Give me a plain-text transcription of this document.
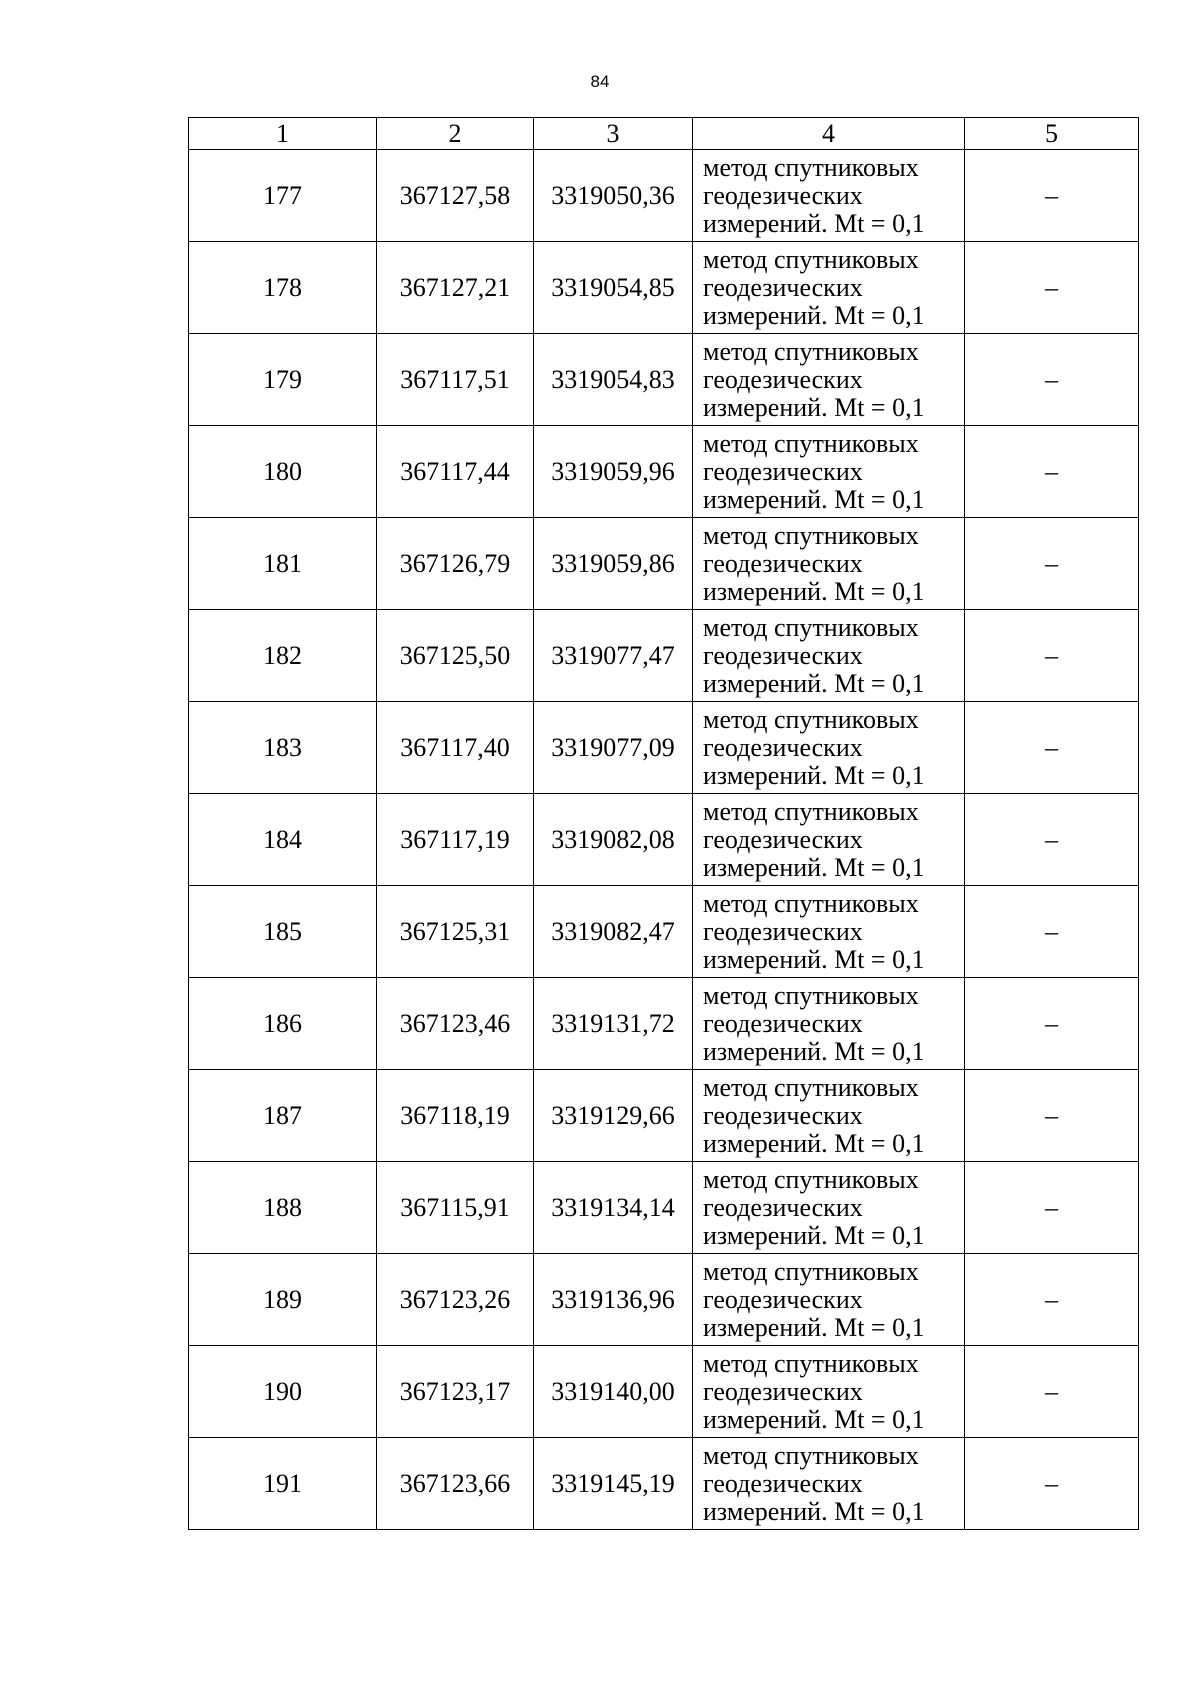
84
1	2	3	4	5
177	367127,58	3319050,36	метод спутниковых
геодезических
измерений. Mt = 0,1	–
178	367127,21	3319054,85	метод спутниковых
геодезических
измерений. Mt = 0,1	–
179	367117,51	3319054,83	метод спутниковых
геодезических
измерений. Mt = 0,1	–
180	367117,44	3319059,96	метод спутниковых
геодезических
измерений. Mt = 0,1	–
181	367126,79	3319059,86	метод спутниковых
геодезических
измерений. Mt = 0,1	–
182	367125,50	3319077,47	метод спутниковых
геодезических
измерений. Mt = 0,1	–
183	367117,40	3319077,09	метод спутниковых
геодезических
измерений. Mt = 0,1	–
184	367117,19	3319082,08	метод спутниковых
геодезических
измерений. Mt = 0,1	–
185	367125,31	3319082,47	метод спутниковых
геодезических
измерений. Mt = 0,1	–
186	367123,46	3319131,72	метод спутниковых
геодезических
измерений. Mt = 0,1	–
187	367118,19	3319129,66	метод спутниковых
геодезических
измерений. Mt = 0,1	–
188	367115,91	3319134,14	метод спутниковых
геодезических
измерений. Mt = 0,1	–
189	367123,26	3319136,96	метод спутниковых
геодезических
измерений. Mt = 0,1	–
190	367123,17	3319140,00	метод спутниковых
геодезических
измерений. Mt = 0,1	–
191	367123,66	3319145,19	метод спутниковых
геодезических
измерений. Mt = 0,1	–
